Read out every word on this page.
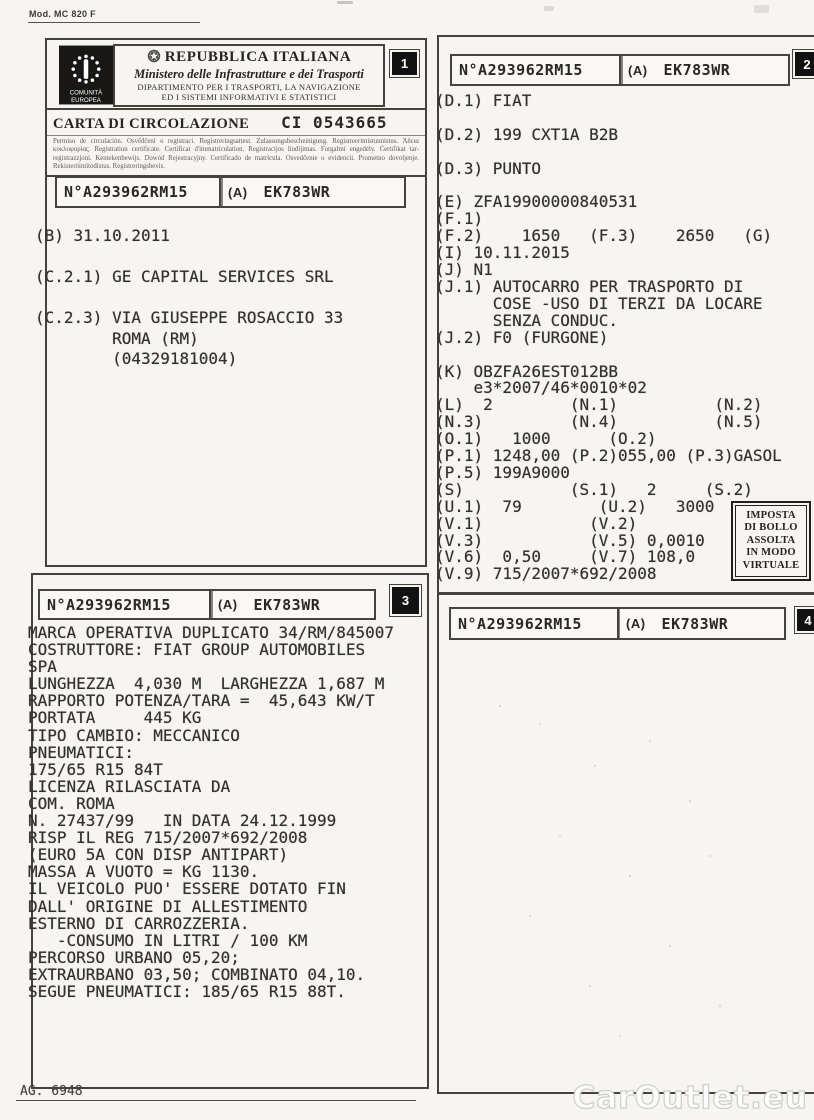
Mod. MC 820 F
COMUNITÀ
EUROPEA
REPUBBLICA ITALIANA
Ministero delle Infrastrutture e dei Trasporti
DIPARTIMENTO PER I TRASPORTI, LA NAVIGAZIONE
ED I SISTEMI INFORMATIVI E STATISTICI
1
CARTA DI CIRCOLAZIONE CI 0543665
Permiso de circulación. Osvědčení o registraci. Registreringsattest. Zulassungsbescheinigung. Registreerimistunnistus. Άδεια κυκλοφορίας. Registration certificate. Certificat d'immatriculation. Registracijos liudijimas. Forgalmi engedély. Ċertifikat tar-reġistrazzjoni. Kentekenbewijs. Dowód Rejestracyjny. Certificado de matrícula. Osvedčenie o evidencii. Prometno dovoljenje. Rekisteröintitodistus. Registreringsbevis.
N°A293962RM15	(A) EK783WR
(B) 31.10.2011

(C.2.1) GE CAPITAL SERVICES SRL

(C.2.3) VIA GIUSEPPE ROSACCIO 33
ROMA (RM)
(04329181004)
N°A293962RM15	(A) EK783WR	2
(D.1) FIAT

(D.2) 199 CXT1A B2B

(D.3) PUNTO

(E) ZFA19900000840531
(F.1)
(F.2)    1650   (F.3)    2650   (G)
(I) 10.11.2015
(J) N1
(J.1) AUTOCARRO PER TRASPORTO DI
COSE -USO DI TERZI DA LOCARE
SENZA CONDUC.
(J.2) F0 (FURGONE)

(K) OBZFA26EST012BB
e3*2007/46*0010*02
(L)  2        (N.1)          (N.2)
(N.3)         (N.4)          (N.5)
(O.1)   1000      (O.2)
(P.1) 1248,00 (P.2)055,00 (P.3)GASOL
(P.5) 199A9000
(S)           (S.1)   2     (S.2)
(U.1)  79        (U.2)   3000
(V.1)           (V.2)
(V.3)           (V.5) 0,0010
(V.6)  0,50     (V.7) 108,0
(V.9) 715/2007*692/2008
IMPOSTA
DI BOLLO
ASSOLTA
IN MODO
VIRTUALE
N°A293962RM15	(A) EK783WR	3
MARCA OPERATIVA DUPLICATO 34/RM/845007
COSTRUTTORE: FIAT GROUP AUTOMOBILES
SPA
LUNGHEZZA  4,030 M  LARGHEZZA 1,687 M
RAPPORTO POTENZA/TARA =  45,643 KW/T
PORTATA     445 KG
TIPO CAMBIO: MECCANICO
PNEUMATICI:
175/65 R15 84T
LICENZA RILASCIATA DA
COM. ROMA
N. 27437/99   IN DATA 24.12.1999
RISP IL REG 715/2007*692/2008
(EURO 5A CON DISP ANTIPART)
MASSA A VUOTO = KG 1130.
IL VEICOLO PUO' ESSERE DOTATO FIN
DALL' ORIGINE DI ALLESTIMENTO
ESTERNO DI CARROZZERIA.
-CONSUMO IN LITRI / 100 KM
PERCORSO URBANO 05,20;
EXTRAURBANO 03,50; COMBINATO 04,10.
SEGUE PNEUMATICI: 185/65 R15 88T.
N°A293962RM15	(A) EK783WR	4
AG. 6948	CarOutlet.eu
